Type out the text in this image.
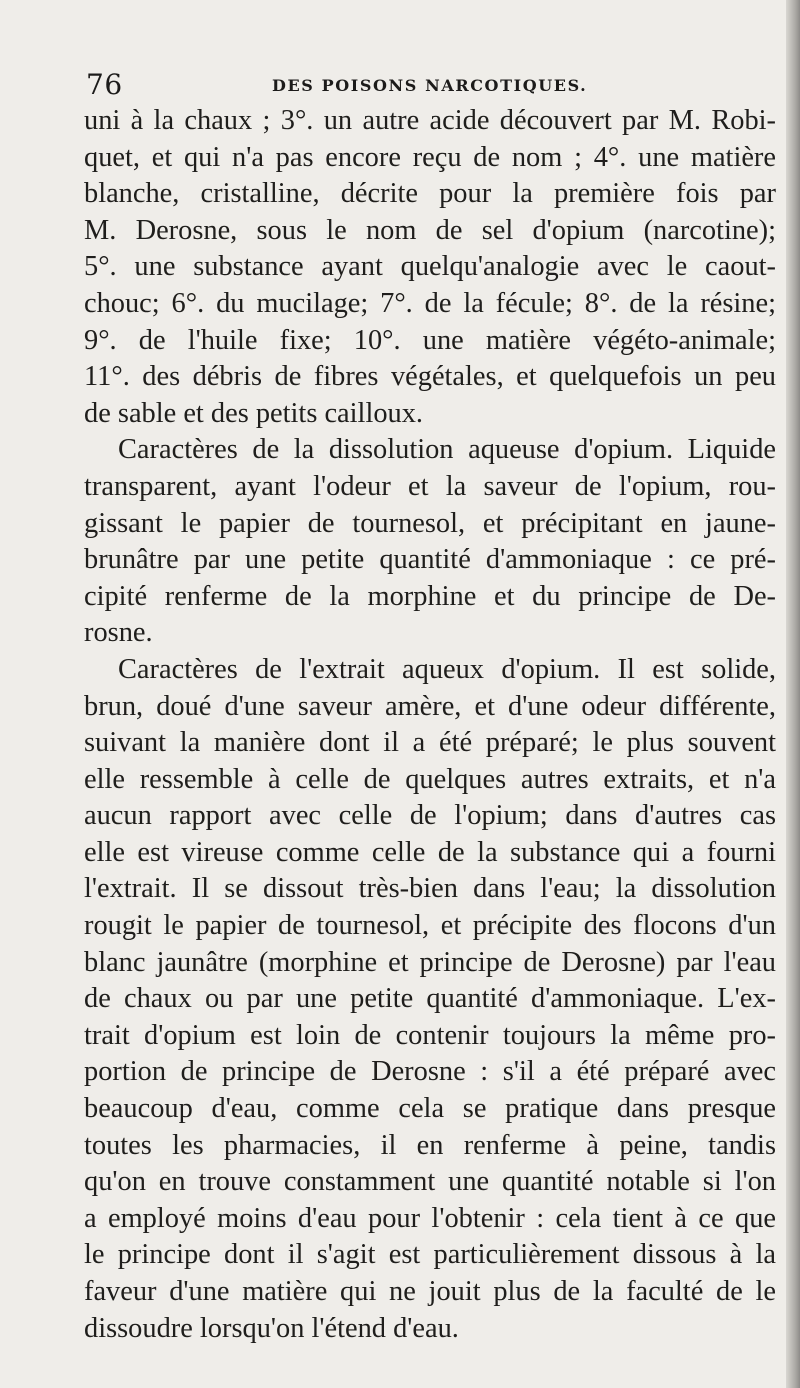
76	DES POISONS NARCOTIQUES.
uni à la chaux ; 3°. un autre acide découvert par M. Robi-
quet, et qui n'a pas encore reçu de nom ; 4°. une matière
blanche, cristalline, décrite pour la première fois par
M. Derosne, sous le nom de sel d'opium (narcotine);
5°. une substance ayant quelqu'analogie avec le caout-
chouc; 6°. du mucilage; 7°. de la fécule; 8°. de la résine;
9°. de l'huile fixe; 10°. une matière végéto-animale;
11°. des débris de fibres végétales, et quelquefois un peu
de sable et des petits cailloux.
Caractères de la dissolution aqueuse d'opium. Liquide
transparent, ayant l'odeur et la saveur de l'opium, rou-
gissant le papier de tournesol, et précipitant en jaune-
brunâtre par une petite quantité d'ammoniaque : ce pré-
cipité renferme de la morphine et du principe de De-
rosne.
Caractères de l'extrait aqueux d'opium. Il est solide,
brun, doué d'une saveur amère, et d'une odeur différente,
suivant la manière dont il a été préparé; le plus souvent
elle ressemble à celle de quelques autres extraits, et n'a
aucun rapport avec celle de l'opium; dans d'autres cas
elle est vireuse comme celle de la substance qui a fourni
l'extrait. Il se dissout très-bien dans l'eau; la dissolution
rougit le papier de tournesol, et précipite des flocons d'un
blanc jaunâtre (morphine et principe de Derosne) par l'eau
de chaux ou par une petite quantité d'ammoniaque. L'ex-
trait d'opium est loin de contenir toujours la même pro-
portion de principe de Derosne : s'il a été préparé avec
beaucoup d'eau, comme cela se pratique dans presque
toutes les pharmacies, il en renferme à peine, tandis
qu'on en trouve constamment une quantité notable si l'on
a employé moins d'eau pour l'obtenir : cela tient à ce que
le principe dont il s'agit est particulièrement dissous à la
faveur d'une matière qui ne jouit plus de la faculté de le
dissoudre lorsqu'on l'étend d'eau.
